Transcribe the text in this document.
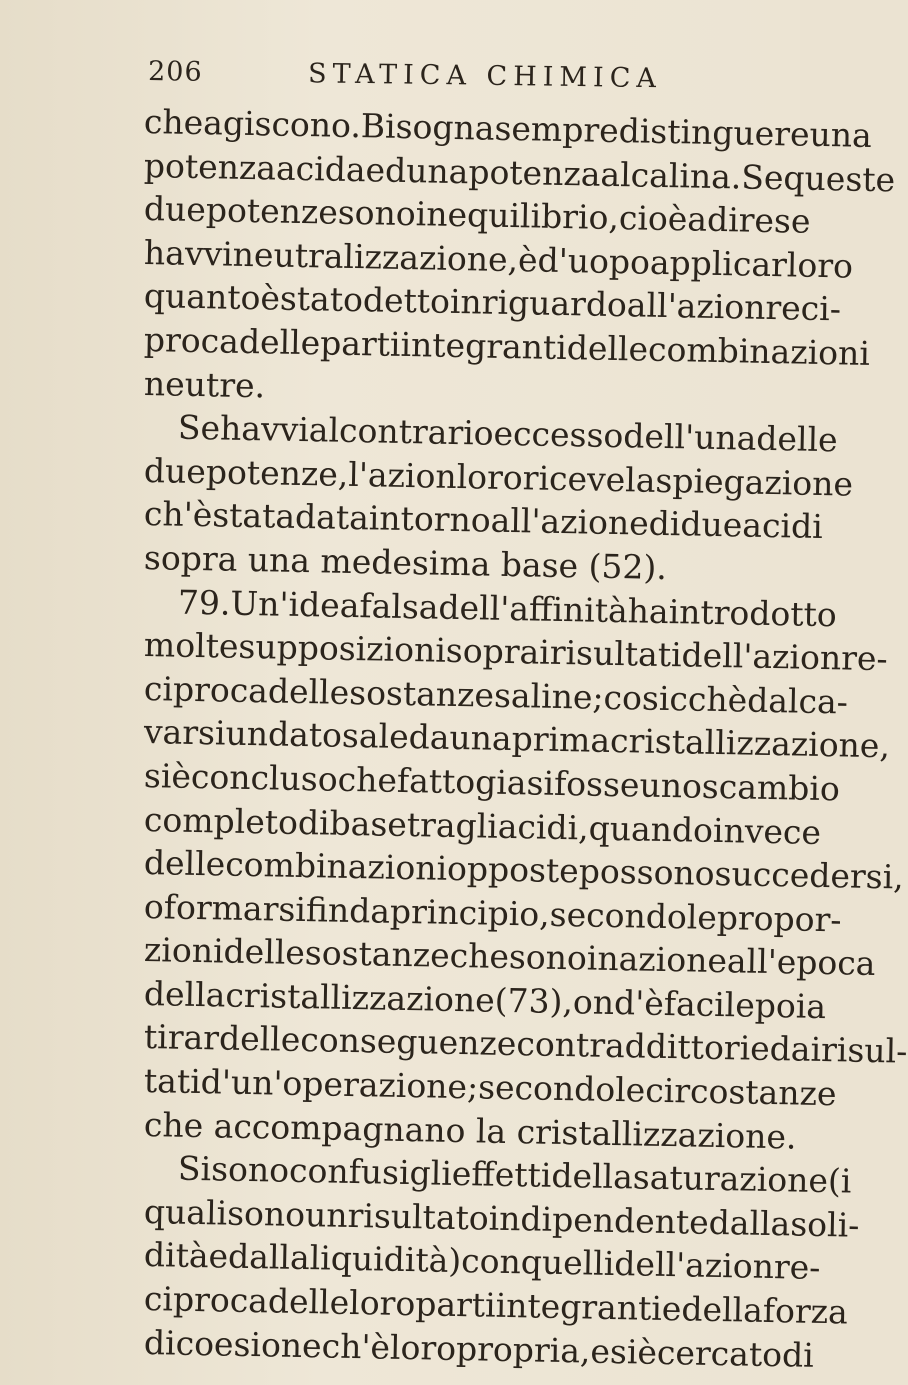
206	STATICA CHIMICA
che agiscono. Bisogna sempre distinguere una
potenza acida ed una potenza alcalina. Se queste
due potenze sono in equilibrio, cioè a dire se
havvi neutralizzazione, è d'uopo applicar loro
quanto è stato detto in riguardo all'azion reci-
proca delle parti integranti delle combinazioni
neutre.
Se havvi al contrario eccesso dell'una delle
due potenze, l'azion loro riceve la spiegazione
ch'è stata data intorno all'azione di due acidi
sopra una medesima base (52).
79. Un'idea falsa dell'affinità ha introdotto
molte supposizioni sopra i risultati dell'azion re-
ciproca delle sostanze saline; cosicchè dal ca-
varsi un dato sale da una prima cristallizzazione,
si è concluso che fatto gia si fosse uno scambio
completo di base tra gli acidi, quando in vece
delle combinazioni opposte possono succedersi,
o formarsi fin da principio, secondo le propor-
zioni delle sostanze che sono in azione all'epoca
della cristallizzazione (73), ond'è facile poi a
tirar delle conseguenze contraddittorie dai risul-
tati d'un' operazione; secondo le circostanze
che accompagnano la cristallizzazione.
Si sono confusi gli effetti della saturazione (i
quali sono un risultato indipendente dalla soli-
dità e dalla liquidità) con quelli dell'azion re-
ciproca delle loro parti integranti e della forza
di coesione ch'è loro propria, e si è cercato di
